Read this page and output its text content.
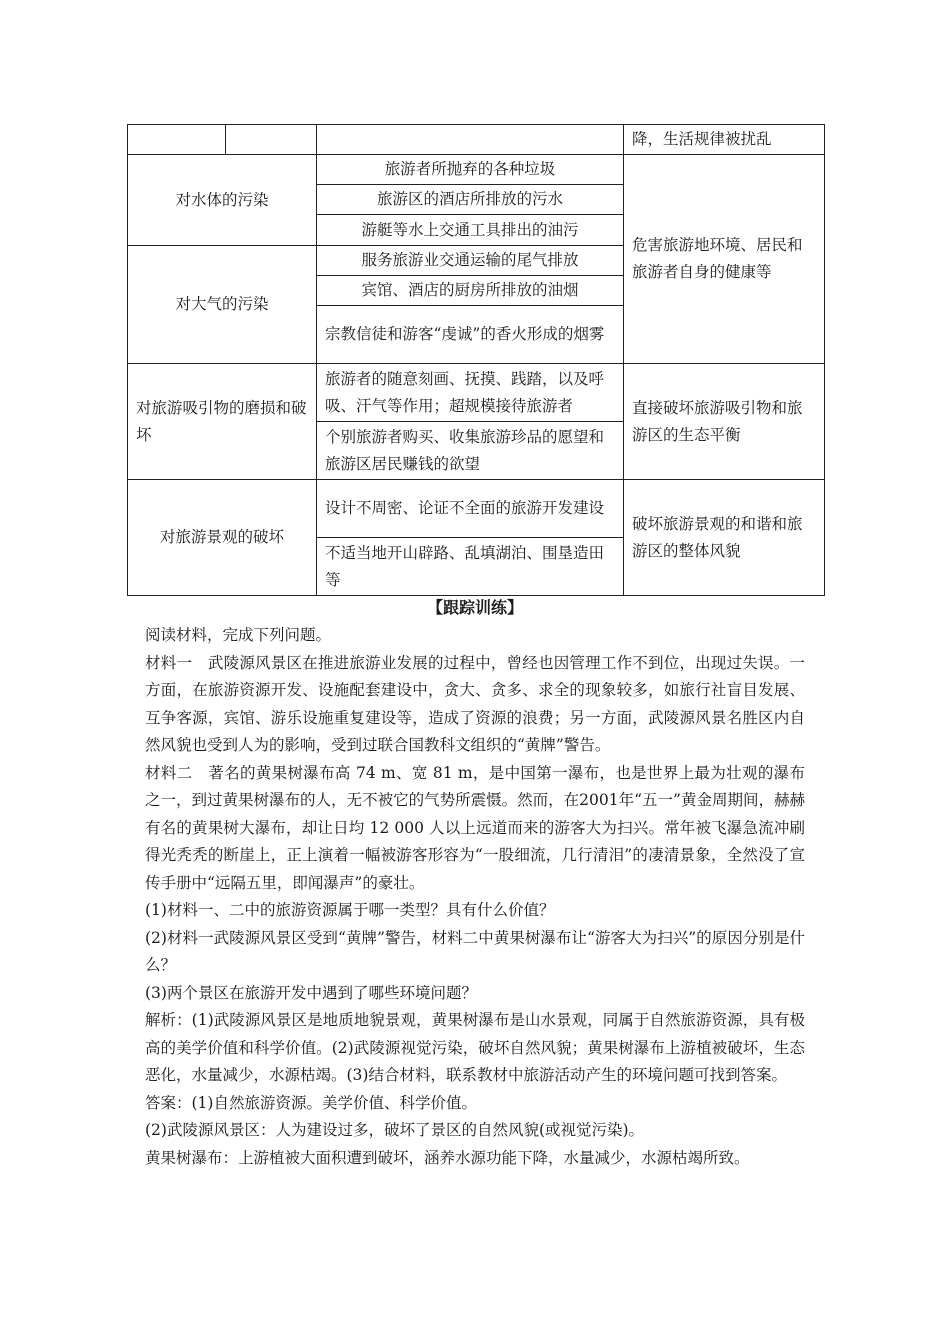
			降，生活规律被扰乱
对水体的污染		旅游者所抛弃的各种垃圾	危害旅游地环境、居民和旅游者自身的健康等
		旅游区的酒店所排放的污水	
		游艇等水上交通工具排出的油污	
对大气的污染		服务旅游业交通运输的尾气排放	
		宾馆、酒店的厨房所排放的油烟	
		宗教信徒和游客“虔诚”的香火形成的烟雾	
对旅游吸引物的磨损和破坏		旅游者的随意刻画、抚摸、践踏，以及呼吸、汗气等作用；超规模接待旅游者	直接破坏旅游吸引物和旅游区的生态平衡
		个别旅游者购买、收集旅游珍品的愿望和旅游区居民赚钱的欲望	
对旅游景观的破坏		设计不周密、论证不全面的旅游开发建设	破坏旅游景观的和谐和旅游区的整体风貌
		不适当地开山辟路、乱填湖泊、围垦造田等	
【跟踪训练】

阅读材料，完成下列问题。

材料一　武陵源风景区在推进旅游业发展的过程中，曾经也因管理工作不到位，出现过失误。一方面，在旅游资源开发、设施配套建设中，贪大、贪多、求全的现象较多，如旅行社盲目发展、互争客源，宾馆、游乐设施重复建设等，造成了资源的浪费；另一方面，武陵源风景名胜区内自然风貌也受到人为的影响，受到过联合国教科文组织的“黄牌”警告。

材料二　著名的黄果树瀑布高 74 m、宽 81 m，是中国第一瀑布，也是世界上最为壮观的瀑布之一，到过黄果树瀑布的人，无不被它的气势所震慑。然而，在2001年“五一”黄金周期间，赫赫有名的黄果树大瀑布，却让日均 12 000 人以上远道而来的游客大为扫兴。常年被飞瀑急流冲刷得光秃秃的断崖上，正上演着一幅被游客形容为“一股细流，几行清泪”的凄清景象，全然没了宣传手册中“远隔五里，即闻瀑声”的豪壮。

(1)材料一、二中的旅游资源属于哪一类型？具有什么价值？

(2)材料一武陵源风景区受到“黄牌”警告，材料二中黄果树瀑布让“游客大为扫兴”的原因分别是什么？

(3)两个景区在旅游开发中遇到了哪些环境问题？

解析：(1)武陵源风景区是地质地貌景观，黄果树瀑布是山水景观，同属于自然旅游资源，具有极高的美学价值和科学价值。(2)武陵源视觉污染，破坏自然风貌；黄果树瀑布上游植被破坏，生态恶化，水量减少，水源枯竭。(3)结合材料，联系教材中旅游活动产生的环境问题可找到答案。

答案：(1)自然旅游资源。美学价值、科学价值。

(2)武陵源风景区：人为建设过多，破坏了景区的自然风貌(或视觉污染)。

黄果树瀑布：上游植被大面积遭到破坏，涵养水源功能下降，水量减少，水源枯竭所致。
